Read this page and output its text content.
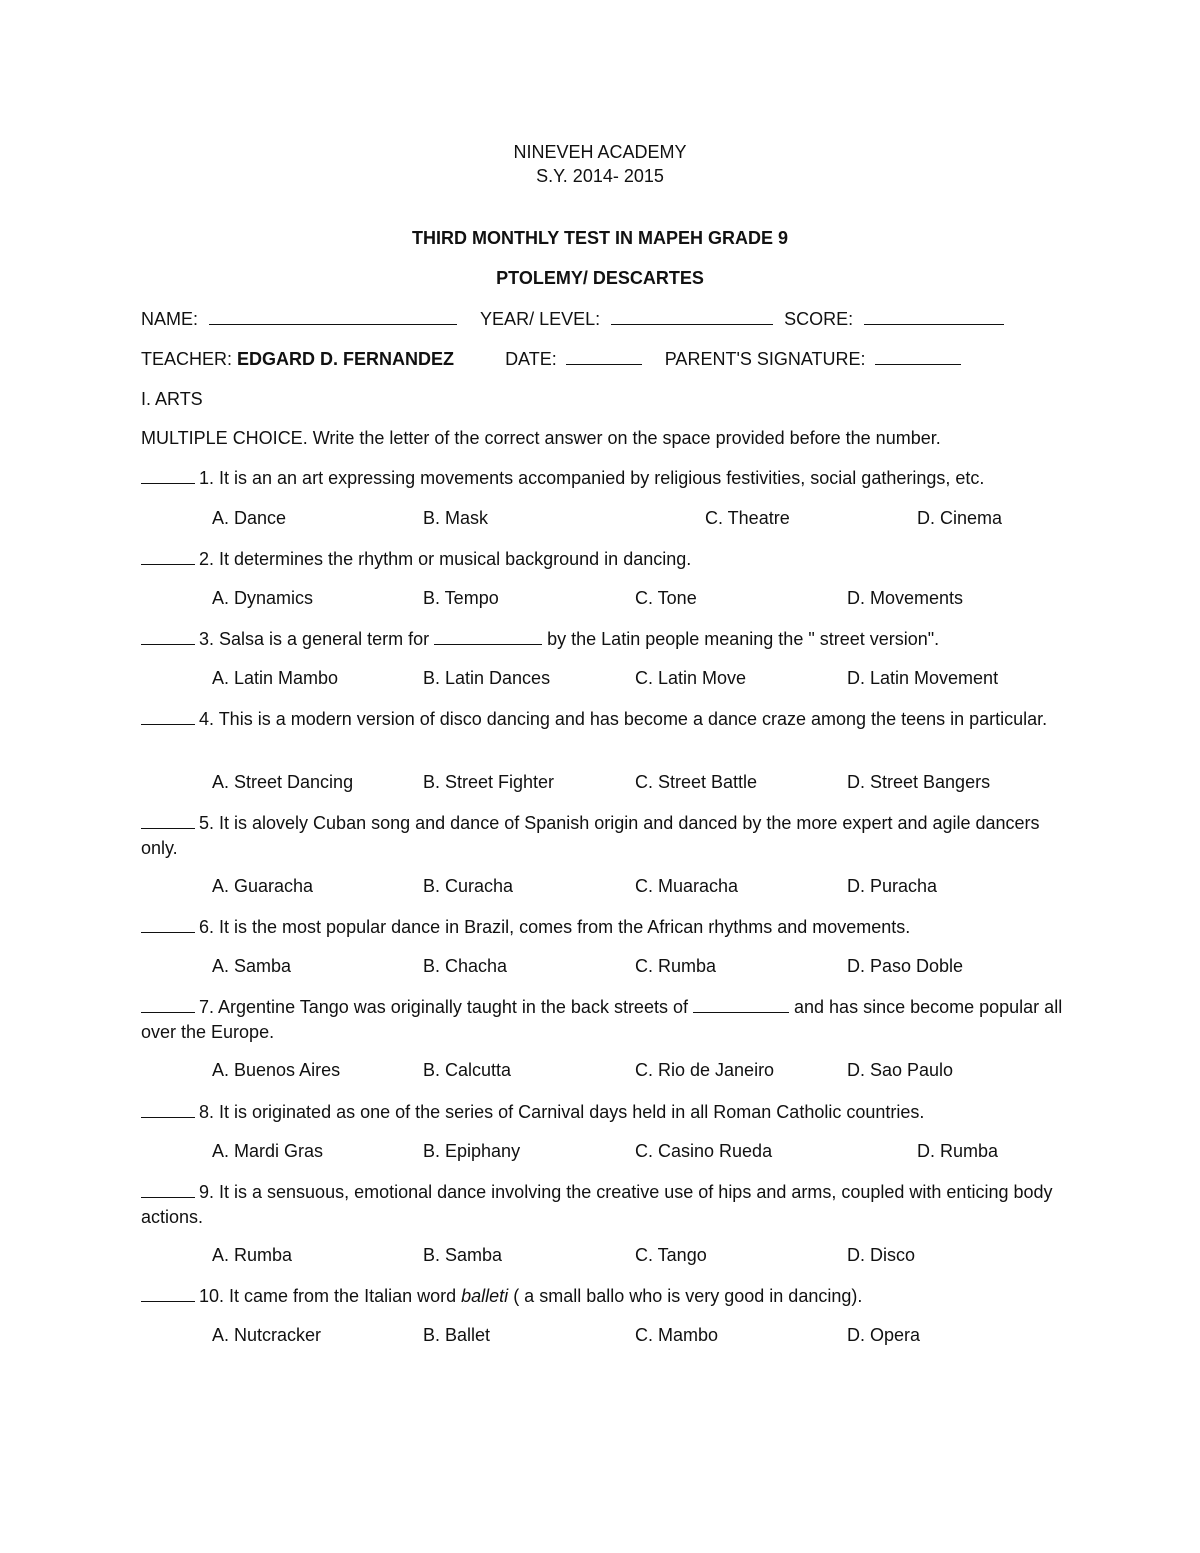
NINEVEH ACADEMY
S.Y. 2014- 2015
THIRD MONTHLY TEST IN MAPEH GRADE 9
PTOLEMY/ DESCARTES
NAME:	YEAR/ LEVEL:	SCORE:
TEACHER: EDGARD D. FERNANDEZ	DATE:	PARENT'S SIGNATURE:
I. ARTS
MULTIPLE CHOICE. Write the letter of the correct answer on the space provided before the number.
1. It is an an art expressing movements accompanied by religious festivities, social gatherings, etc.
A. Dance	B. Mask	C. Theatre	D. Cinema
2. It determines the rhythm or musical background in dancing.
A. Dynamics	B. Tempo	C. Tone	D. Movements
3. Salsa is a general term for	by the Latin people meaning the " street version".
A. Latin Mambo	B. Latin Dances	C. Latin Move	D. Latin Movement
4. This is a modern version of disco dancing and has become a dance craze among the teens in particular.
A. Street Dancing	B. Street Fighter	C. Street Battle	D. Street Bangers
5. It is alovely Cuban song and dance of Spanish origin and danced by the more expert and agile dancers only.
A. Guaracha	B. Curacha	C. Muaracha	D. Puracha
6. It is the most popular dance in Brazil, comes from the African rhythms and movements.
A. Samba	B. Chacha	C. Rumba	D. Paso Doble
7. Argentine Tango was originally taught in the back streets of	and has since become popular all over the Europe.
A. Buenos Aires	B. Calcutta	C. Rio de Janeiro	D. Sao Paulo
8. It is originated as one of the series of Carnival days held in all Roman Catholic countries.
A. Mardi Gras	B. Epiphany	C. Casino Rueda	D. Rumba
9. It is a sensuous, emotional dance involving the creative use of hips and arms, coupled with enticing body actions.
A. Rumba	B. Samba	C. Tango	D. Disco
10. It came from the Italian word balleti ( a small ballo who is very good in dancing).
A. Nutcracker	B. Ballet	C. Mambo	D. Opera
